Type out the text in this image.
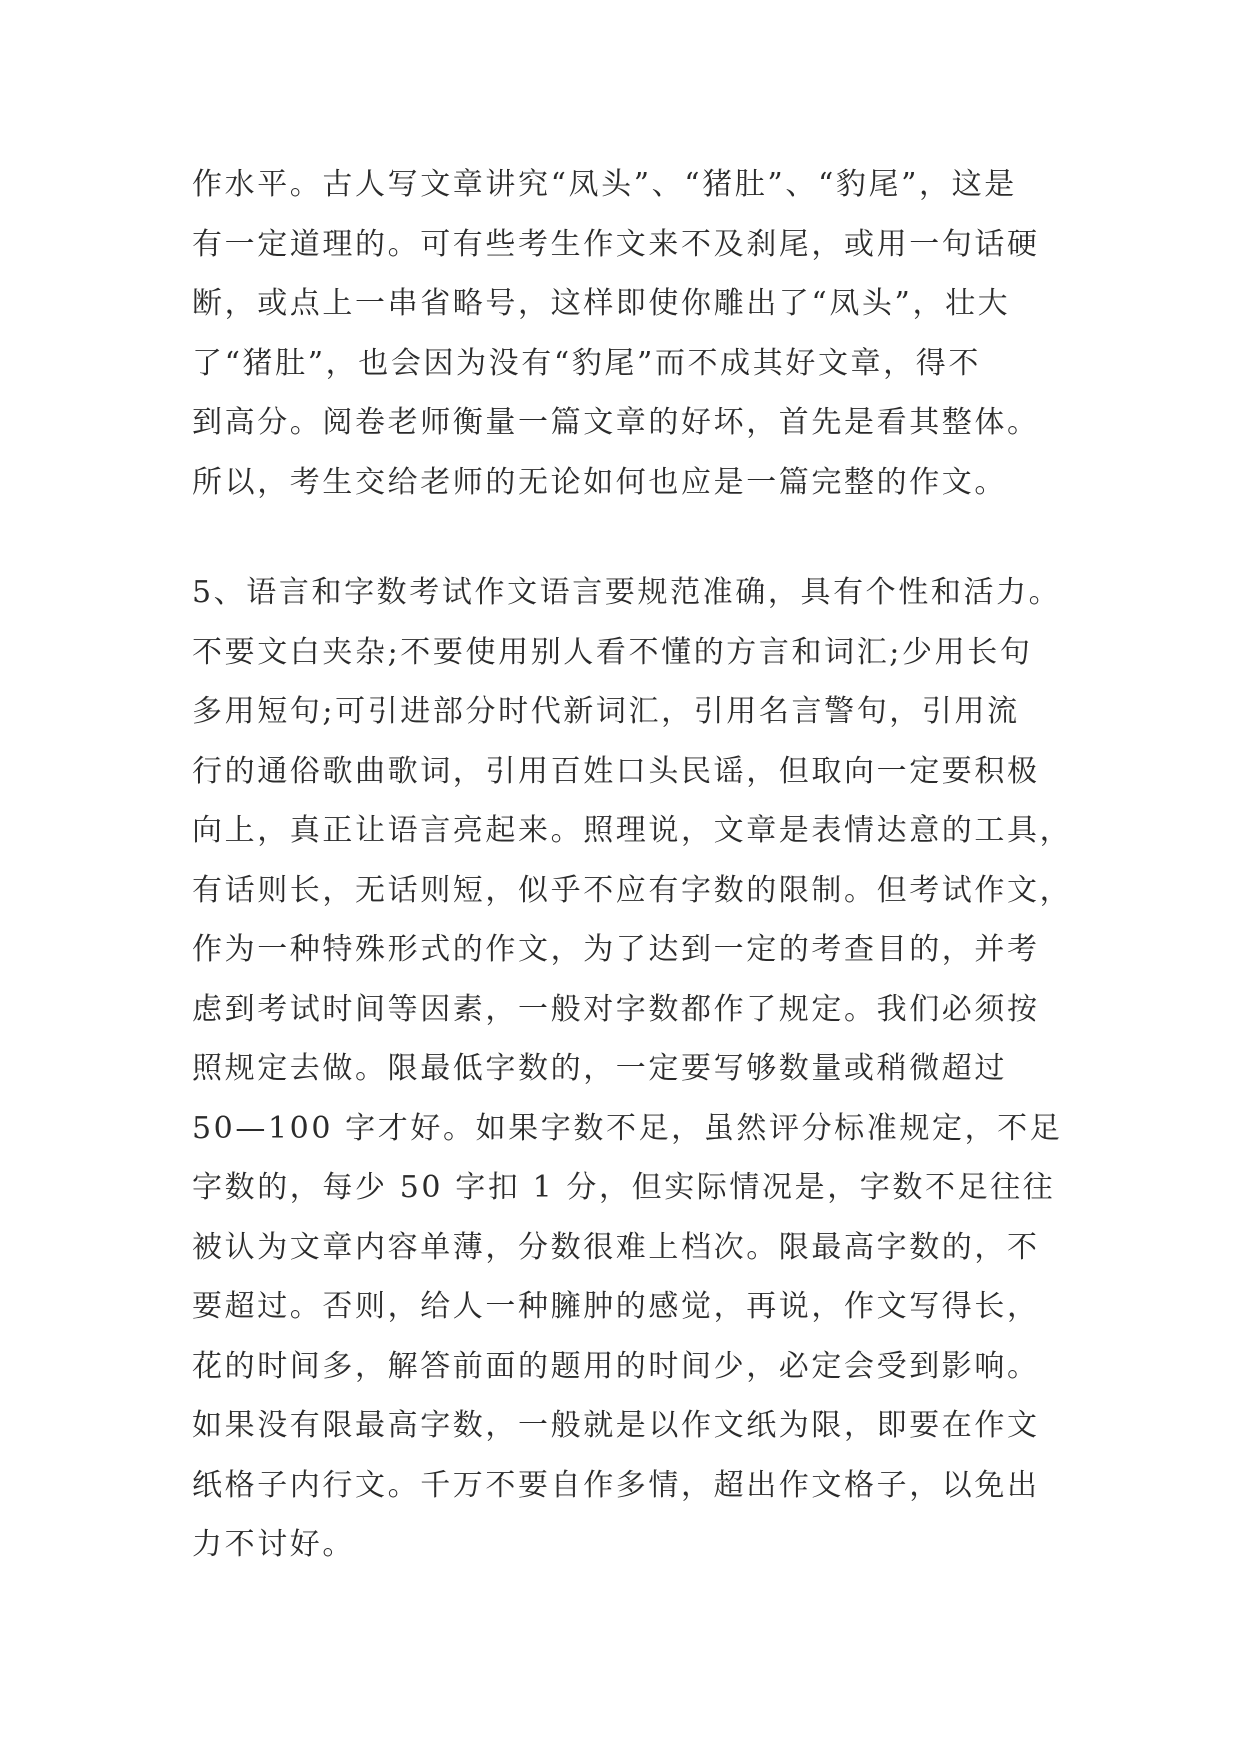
作水平。古人写文章讲究“凤头”、“猪肚”、“豹尾”，这是
有一定道理的。可有些考生作文来不及刹尾，或用一句话硬
断，或点上一串省略号，这样即使你雕出了“凤头”，壮大
了“猪肚”，也会因为没有“豹尾”而不成其好文章，得不
到高分。阅卷老师衡量一篇文章的好坏，首先是看其整体。
所以，考生交给老师的无论如何也应是一篇完整的作文。
5、语言和字数考试作文语言要规范准确，具有个性和活力。
不要文白夹杂;不要使用别人看不懂的方言和词汇;少用长句
多用短句;可引进部分时代新词汇，引用名言警句，引用流
行的通俗歌曲歌词，引用百姓口头民谣，但取向一定要积极
向上，真正让语言亮起来。照理说，文章是表情达意的工具，
有话则长，无话则短，似乎不应有字数的限制。但考试作文，
作为一种特殊形式的作文，为了达到一定的考查目的，并考
虑到考试时间等因素，一般对字数都作了规定。我们必须按
照规定去做。限最低字数的，一定要写够数量或稍微超过
50—100 字才好。如果字数不足，虽然评分标准规定，不足
字数的，每少 50 字扣 1 分，但实际情况是，字数不足往往
被认为文章内容单薄，分数很难上档次。限最高字数的，不
要超过。否则，给人一种臃肿的感觉，再说，作文写得长，
花的时间多，解答前面的题用的时间少，必定会受到影响。
如果没有限最高字数，一般就是以作文纸为限，即要在作文
纸格子内行文。千万不要自作多情，超出作文格子，以免出
力不讨好。
